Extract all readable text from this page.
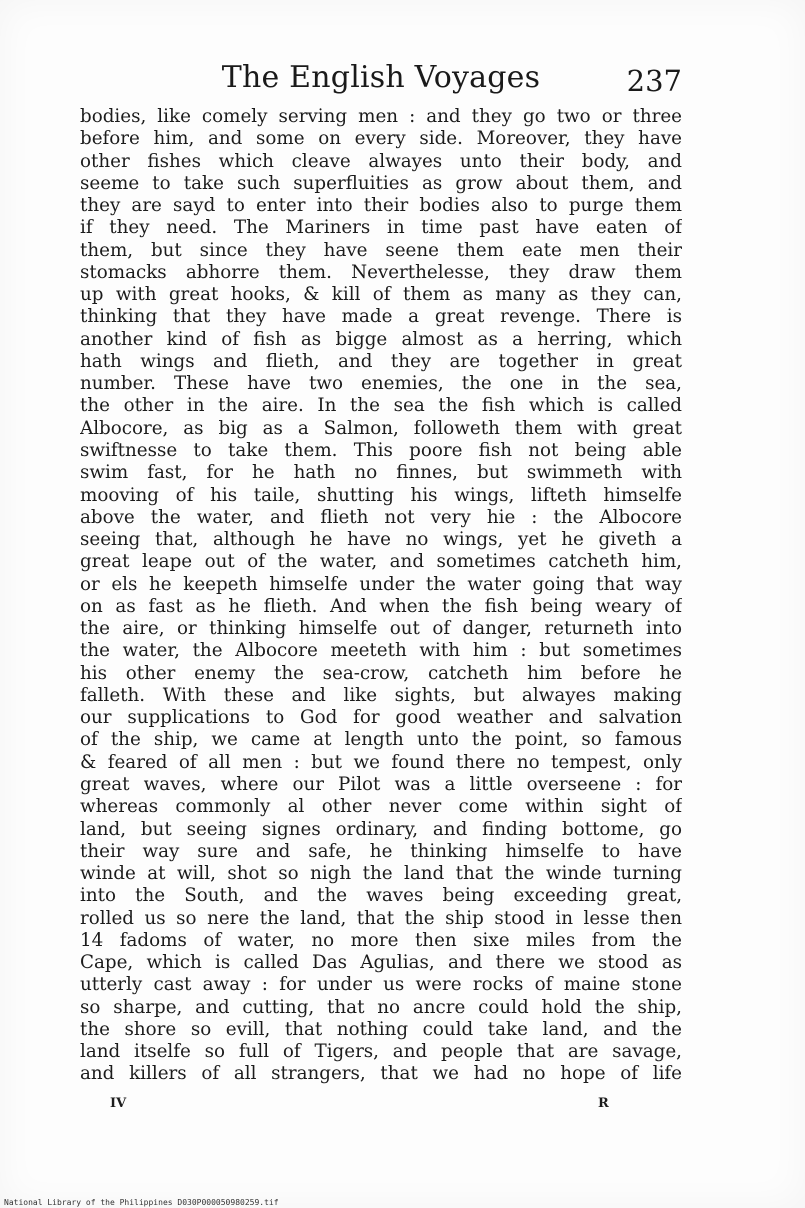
The English Voyages	237
bodies, like comely serving men : and they go two or three
before him, and some on every side. Moreover, they have
other fishes which cleave alwayes unto their body, and
seeme to take such superfluities as grow about them, and
they are sayd to enter into their bodies also to purge them
if they need. The Mariners in time past have eaten of
them, but since they have seene them eate men their
stomacks abhorre them. Neverthelesse, they draw them
up with great hooks, & kill of them as many as they can,
thinking that they have made a great revenge. There is
another kind of fish as bigge almost as a herring, which
hath wings and flieth, and they are together in great
number. These have two enemies, the one in the sea,
the other in the aire. In the sea the fish which is called
Albocore, as big as a Salmon, followeth them with great
swiftnesse to take them. This poore fish not being able
swim fast, for he hath no finnes, but swimmeth with
mooving of his taile, shutting his wings, lifteth himselfe
above the water, and flieth not very hie : the Albocore
seeing that, although he have no wings, yet he giveth a
great leape out of the water, and sometimes catcheth him,
or els he keepeth himselfe under the water going that way
on as fast as he flieth. And when the fish being weary of
the aire, or thinking himselfe out of danger, returneth into
the water, the Albocore meeteth with him : but sometimes
his other enemy the sea-crow, catcheth him before he
falleth. With these and like sights, but alwayes making
our supplications to God for good weather and salvation
of the ship, we came at length unto the point, so famous
& feared of all men : but we found there no tempest, only
great waves, where our Pilot was a little overseene : for
whereas commonly al other never come within sight of
land, but seeing signes ordinary, and finding bottome, go
their way sure and safe, he thinking himselfe to have
winde at will, shot so nigh the land that the winde turning
into the South, and the waves being exceeding great,
rolled us so nere the land, that the ship stood in lesse then
14 fadoms of water, no more then sixe miles from the
Cape, which is called Das Agulias, and there we stood as
utterly cast away : for under us were rocks of maine stone
so sharpe, and cutting, that no ancre could hold the ship,
the shore so evill, that nothing could take land, and the
land itselfe so full of Tigers, and people that are savage,
and killers of all strangers, that we had no hope of life
IV	R
National Library of the Philippines D030P000050980259.tif
